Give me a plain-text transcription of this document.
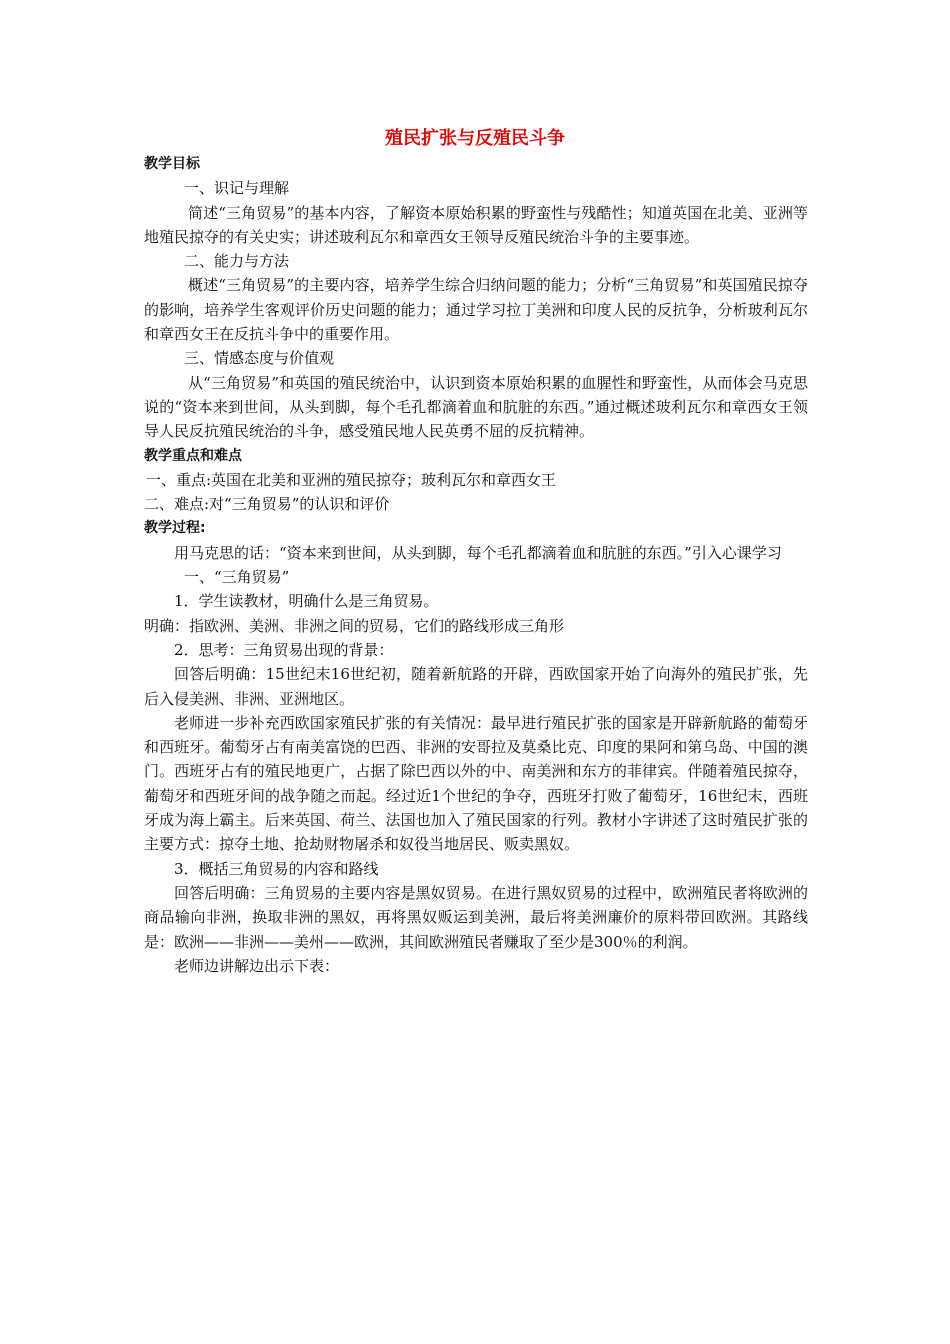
殖民扩张与反殖民斗争

教学目标

一、识记与理解

简述“三角贸易”的基本内容，了解资本原始积累的野蛮性与残酷性；知道英国在北美、亚洲等地殖民掠夺的有关史实；讲述玻利瓦尔和章西女王领导反殖民统治斗争的主要事迹。

二、能力与方法

概述“三角贸易”的主要内容，培养学生综合归纳问题的能力；分析“三角贸易”和英国殖民掠夺的影响，培养学生客观评价历史问题的能力；通过学习拉丁美洲和印度人民的反抗争，分析玻利瓦尔和章西女王在反抗斗争中的重要作用。

三、情感态度与价值观

从“三角贸易”和英国的殖民统治中，认识到资本原始积累的血腥性和野蛮性，从而体会马克思说的“资本来到世间，从头到脚，每个毛孔都滴着血和肮脏的东西。”通过概述玻利瓦尔和章西女王领导人民反抗殖民统治的斗争，感受殖民地人民英勇不屈的反抗精神。

教学重点和难点

一、重点:英国在北美和亚洲的殖民掠夺；玻利瓦尔和章西女王

二、难点:对“三角贸易”的认识和评价

教学过程:

用马克思的话：“资本来到世间，从头到脚，每个毛孔都滴着血和肮脏的东西。”引入心课学习

一、“三角贸易”

1．学生读教材，明确什么是三角贸易。

明确：指欧洲、美洲、非洲之间的贸易，它们的路线形成三角形

2．思考：三角贸易出现的背景：

回答后明确：15世纪末16世纪初，随着新航路的开辟，西欧国家开始了向海外的殖民扩张，先后入侵美洲、非洲、亚洲地区。

老师进一步补充西欧国家殖民扩张的有关情况：最早进行殖民扩张的国家是开辟新航路的葡萄牙和西班牙。葡萄牙占有南美富饶的巴西、非洲的安哥拉及莫桑比克、印度的果阿和第乌岛、中国的澳门。西班牙占有的殖民地更广，占据了除巴西以外的中、南美洲和东方的菲律宾。伴随着殖民掠夺，葡萄牙和西班牙间的战争随之而起。经过近1个世纪的争夺，西班牙打败了葡萄牙，16世纪末，西班牙成为海上霸主。后来英国、荷兰、法国也加入了殖民国家的行列。教材小字讲述了这时殖民扩张的主要方式：掠夺土地、抢劫财物屠杀和奴役当地居民、贩卖黑奴。

3．概括三角贸易的内容和路线

回答后明确：三角贸易的主要内容是黑奴贸易。在进行黑奴贸易的过程中，欧洲殖民者将欧洲的商品输向非洲，换取非洲的黑奴，再将黑奴贩运到美洲，最后将美洲廉价的原料带回欧洲。其路线是：欧洲——非洲——美州——欧洲，其间欧洲殖民者赚取了至少是300％的利润。

老师边讲解边出示下表：
